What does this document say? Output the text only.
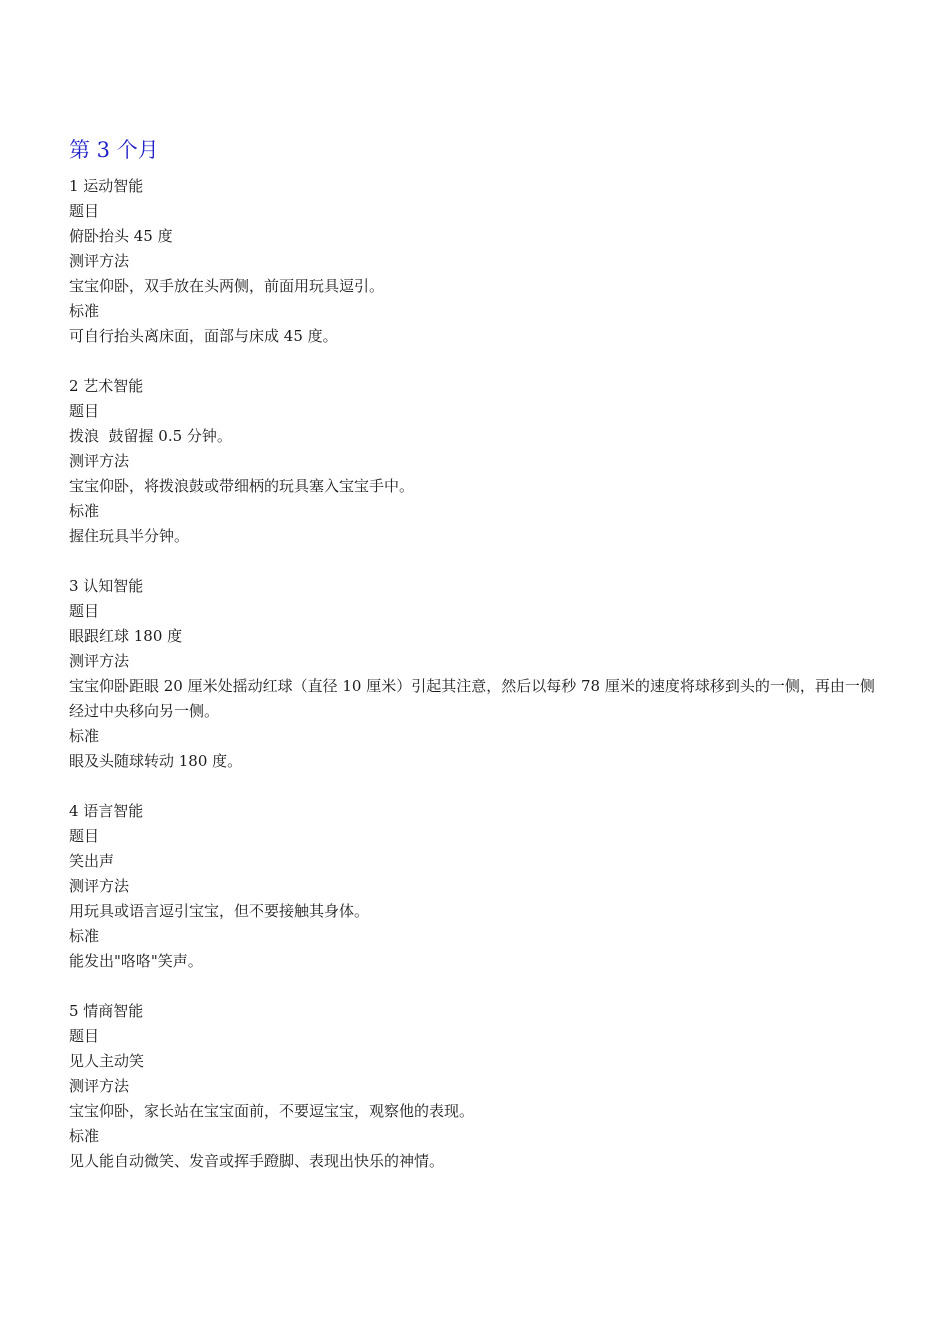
第 3 个月

1 运动智能

题目

俯卧抬头 45 度

测评方法

宝宝仰卧，双手放在头两侧，前面用玩具逗引。

标准

可自行抬头离床面，面部与床成 45 度。

2 艺术智能

题目

拨浪  鼓留握 0.5 分钟。

测评方法

宝宝仰卧，将拨浪鼓或带细柄的玩具塞入宝宝手中。

标准

握住玩具半分钟。

3 认知智能

题目

眼跟红球 180 度

测评方法

宝宝仰卧距眼 20 厘米处摇动红球（直径 10 厘米）引起其注意，然后以每秒 78 厘米的速度将球移到头的一侧，再由一侧经过中央移向另一侧。

标准

眼及头随球转动 180 度。

4 语言智能

题目

笑出声

测评方法

用玩具或语言逗引宝宝，但不要接触其身体。

标准

能发出"咯咯"笑声。

5 情商智能

题目

见人主动笑

测评方法

宝宝仰卧，家长站在宝宝面前，不要逗宝宝，观察他的表现。

标准

见人能自动微笑、发音或挥手蹬脚、表现出快乐的神情。
